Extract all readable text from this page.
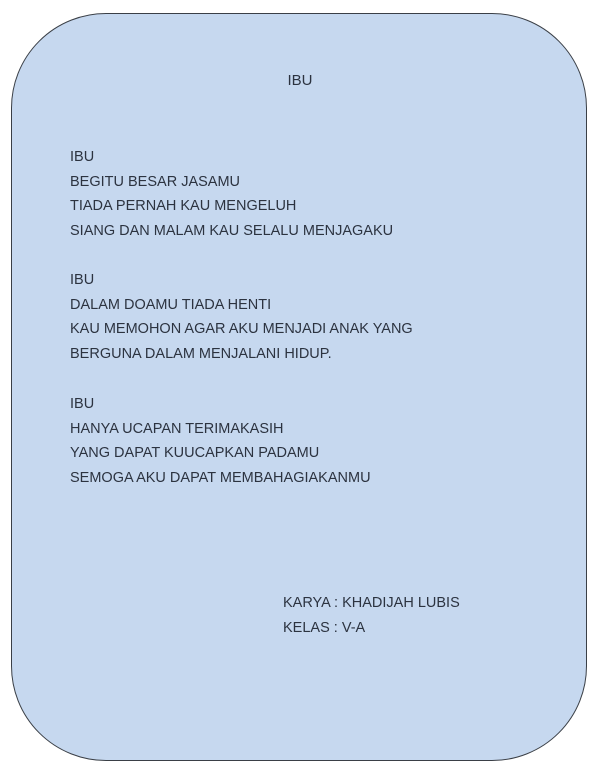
IBU
IBU
BEGITU BESAR JASAMU
TIADA PERNAH KAU MENGELUH
SIANG DAN MALAM KAU SELALU MENJAGAKU
IBU
DALAM DOAMU TIADA HENTI
KAU MEMOHON AGAR AKU MENJADI ANAK YANG
BERGUNA DALAM MENJALANI HIDUP.
IBU
HANYA UCAPAN TERIMAKASIH
YANG DAPAT KUUCAPKAN PADAMU
SEMOGA AKU DAPAT MEMBAHAGIAKANMU
KARYA : KHADIJAH LUBIS
KELAS : V-A
